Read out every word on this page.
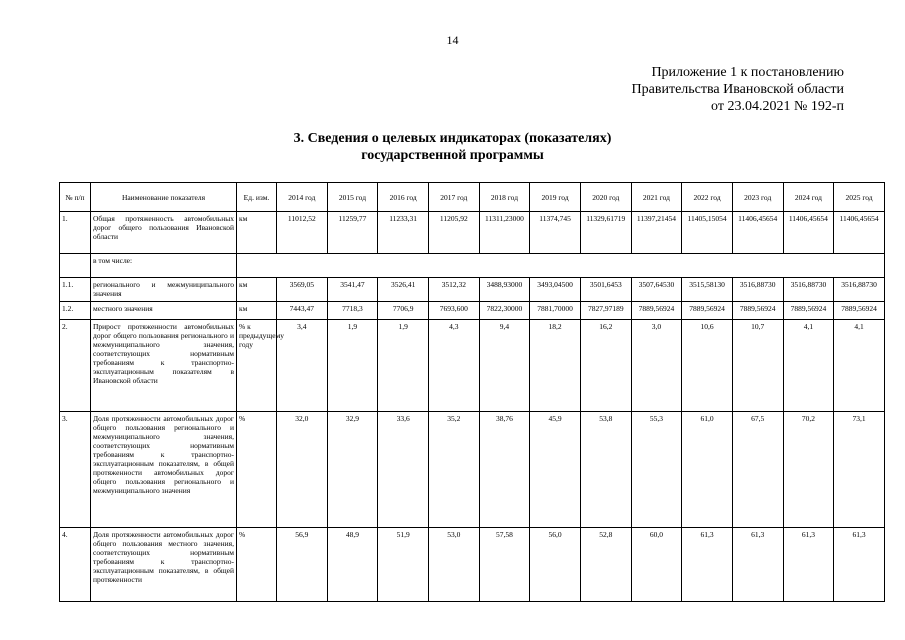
14
Приложение 1 к постановлению
Правительства Ивановской области
от 23.04.2021 № 192-п
3. Сведения о целевых индикаторах (показателях)
государственной программы
№ п/п	Наименование показателя	Ед. изм.	2014 год	2015 год	2016 год	2017 год	2018 год	2019 год	2020 год	2021 год	2022 год	2023 год	2024 год	2025 год
1.	Общая протяженность автомобильных дорог общего пользования Ивановской области	км	11012,52	11259,77	11233,31	11205,92	11311,23000	11374,745	11329,61719	11397,21454	11405,15054	11406,45654	11406,45654	11406,45654
	в том числе:													
1.1.	регионального и межмуниципального значения	км	3569,05	3541,47	3526,41	3512,32	3488,93000	3493,04500	3501,6453	3507,64530	3515,58130	3516,88730	3516,88730	3516,88730
1.2.	местного значения	км	7443,47	7718,3	7706,9	7693,600	7822,30000	7881,70000	7827,97189	7889,56924	7889,56924	7889,56924	7889,56924	7889,56924
2.	Прирост протяженности автомобильных дорог общего пользования регионального и межмуниципального значения, соответствующих нормативным требованиям к транспортно-эксплуатационным показателям в Ивановской области	% к предыдущему году	3,4	1,9	1,9	4,3	9,4	18,2	16,2	3,0	10,6	10,7	4,1	4,1
3.	Доля протяженности автомобильных дорог общего пользования регионального и межмуниципального значения, соответствующих нормативным требованиям к транспортно-эксплуатационным показателям, в общей протяженности автомобильных дорог общего пользования регионального и межмуниципального значения	%	32,0	32,9	33,6	35,2	38,76	45,9	53,8	55,3	61,0	67,5	70,2	73,1
4.	Доля протяженности автомобильных дорог общего пользования местного значения, соответствующих нормативным требованиям к транспортно-эксплуатационным показателям, в общей протяженности	%	56,9	48,9	51,9	53,0	57,58	56,0	52,8	60,0	61,3	61,3	61,3	61,3
